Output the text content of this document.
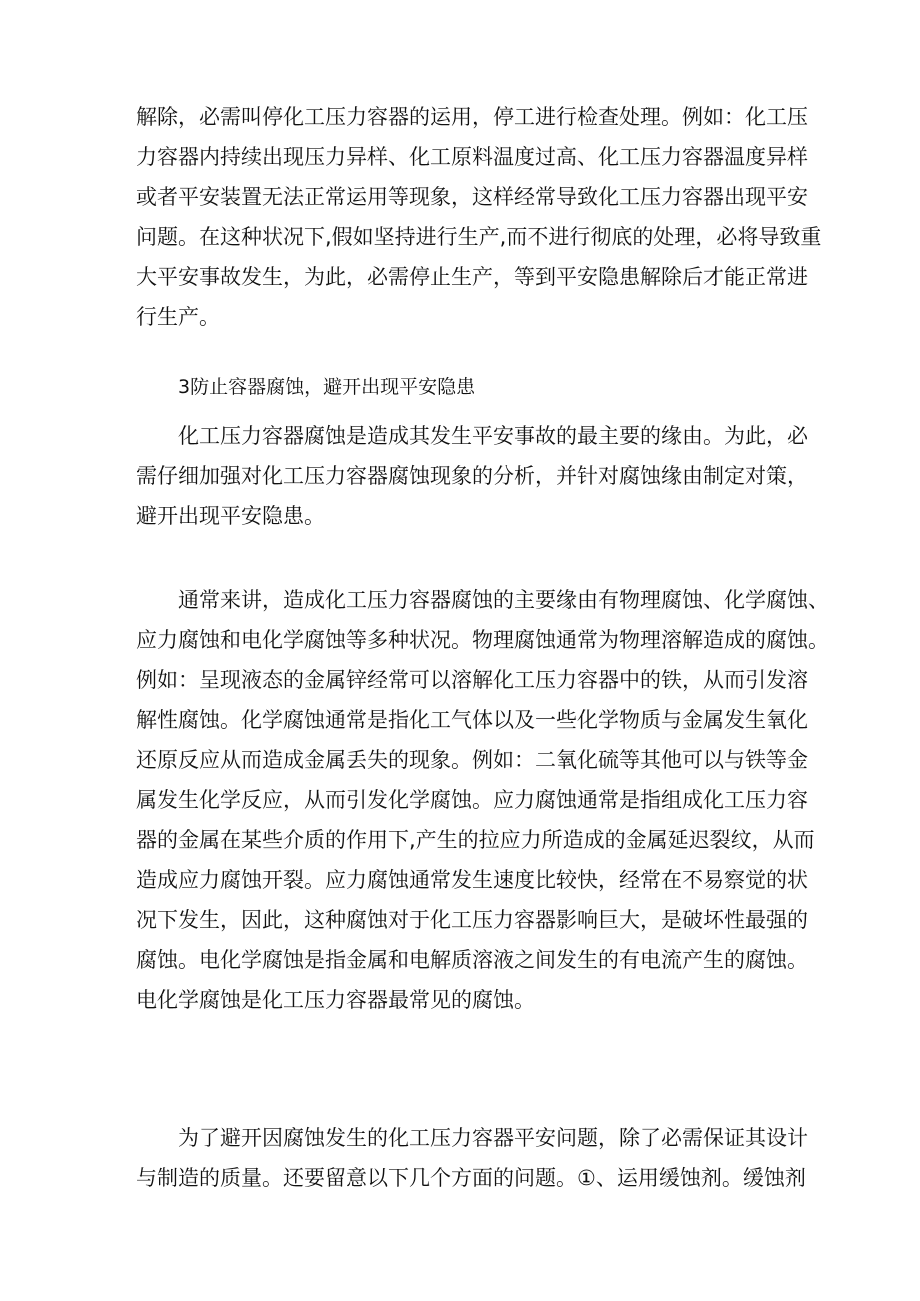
解除，必需叫停化工压力容器的运用，停工进行检查处理。例如：化工压
力容器内持续出现压力异样、化工原料温度过高、化工压力容器温度异样
或者平安装置无法正常运用等现象，这样经常导致化工压力容器出现平安
问题。在这种状况下,假如坚持进行生产,而不进行彻底的处理，必将导致重
大平安事故发生，为此，必需停止生产，等到平安隐患解除后才能正常进
行生产。
3防止容器腐蚀，避开出现平安隐患
化工压力容器腐蚀是造成其发生平安事故的最主要的缘由。为此，必
需仔细加强对化工压力容器腐蚀现象的分析，并针对腐蚀缘由制定对策，
避开出现平安隐患。
通常来讲，造成化工压力容器腐蚀的主要缘由有物理腐蚀、化学腐蚀、
应力腐蚀和电化学腐蚀等多种状况。物理腐蚀通常为物理溶解造成的腐蚀。
例如：呈现液态的金属锌经常可以溶解化工压力容器中的铁，从而引发溶
解性腐蚀。化学腐蚀通常是指化工气体以及一些化学物质与金属发生氧化
还原反应从而造成金属丢失的现象。例如：二氧化硫等其他可以与铁等金
属发生化学反应，从而引发化学腐蚀。应力腐蚀通常是指组成化工压力容
器的金属在某些介质的作用下,产生的拉应力所造成的金属延迟裂纹，从而
造成应力腐蚀开裂。应力腐蚀通常发生速度比较快，经常在不易察觉的状
况下发生，因此，这种腐蚀对于化工压力容器影响巨大，是破坏性最强的
腐蚀。电化学腐蚀是指金属和电解质溶液之间发生的有电流产生的腐蚀。
电化学腐蚀是化工压力容器最常见的腐蚀。
为了避开因腐蚀发生的化工压力容器平安问题，除了必需保证其设计
与制造的质量。还要留意以下几个方面的问题。①、运用缓蚀剂。缓蚀剂
